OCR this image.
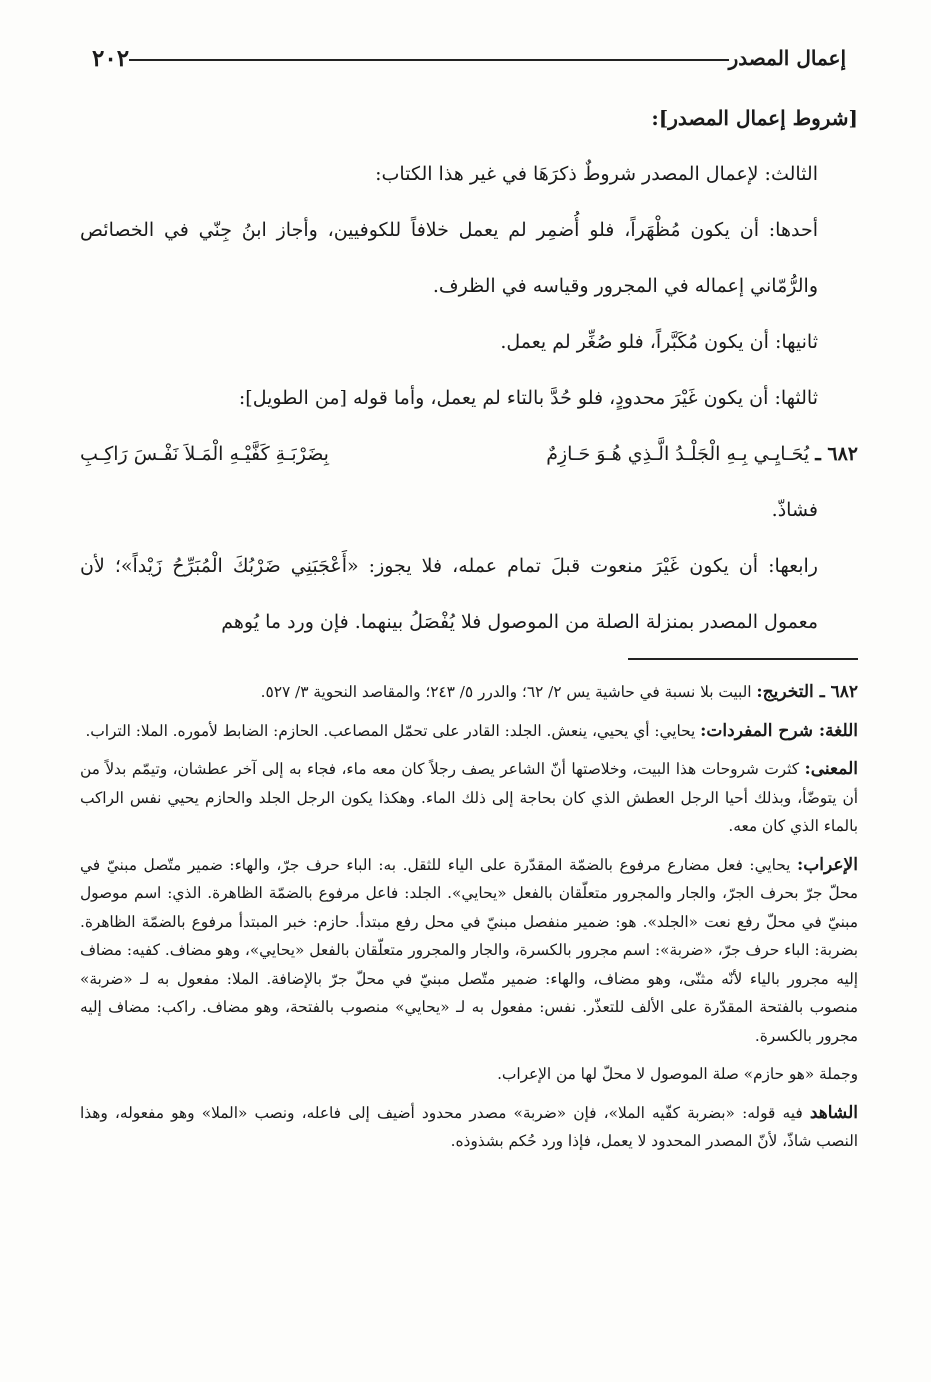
إعمال المصدر
٢٠٢

[شروط إعمال المصدر]:

الثالث: لإعمال المصدر شروطٌ ذكرَهَا في غير هذا الكتاب:

أحدها: أن يكون مُظْهَراً، فلو أُضمِر لم يعمل خلافاً للكوفيين، وأجاز ابنُ جِنّي في الخصائص والرُّمّاني إعماله في المجرور وقياسه في الظرف.

ثانيها: أن يكون مُكَبَّراً، فلو صُغِّر لم يعمل.

ثالثها: أن يكون غَيْرَ محدودٍ، فلو حُدَّ بالتاء لم يعمل، وأما قوله [من الطويل]:

٦٨٢ ـ يُحَـايِـي بِـهِ الْجَلْـدُ الَّـذِي هُـوَ حَـازِمٌ
بِضَرْبَـةِ كَفَّيْـهِ الْمَـلاَ نَفْـسَ رَاكِـبِ

فشاذّ.

رابعها: أن يكون غَيْرَ منعوت قبلَ تمام عمله، فلا يجوز: «أَعْجَبَنِي ضَرْبُكَ الْمُبَرِّحُ زَيْداً»؛ لأن معمول المصدر بمنزلة الصلة من الموصول فلا يُفْصَلُ بينهما. فإن ورد ما يُوهم

٦٨٢ ـ التخريج: البيت بلا نسبة في حاشية يس ٢/ ٦٢؛ والدرر ٥/ ٢٤٣؛ والمقاصد النحوية ٣/ ٥٢٧.

اللغة: شرح المفردات: يحايي: أي يحيي، ينعش. الجلد: القادر على تحمّل المصاعب. الحازم: الضابط لأموره. الملا: التراب.

المعنى: كثرت شروحات هذا البيت، وخلاصتها أنّ الشاعر يصف رجلاً كان معه ماء، فجاء به إلى آخر عطشان، وتيمّم بدلاً من أن يتوضّأ، وبذلك أحيا الرجل العطش الذي كان بحاجة إلى ذلك الماء. وهكذا يكون الرجل الجلد والحازم يحيي نفس الراكب بالماء الذي كان معه.

الإعراب: يحايي: فعل مضارع مرفوع بالضمّة المقدّرة على الياء للثقل. به: الباء حرف جرّ، والهاء: ضمير متّصل مبنيّ في محلّ جرّ بحرف الجرّ، والجار والمجرور متعلّقان بالفعل «يحايي». الجلد: فاعل مرفوع بالضمّة الظاهرة. الذي: اسم موصول مبنيّ في محلّ رفع نعت «الجلد». هو: ضمير منفصل مبنيّ في محل رفع مبتدأ. حازم: خبر المبتدأ مرفوع بالضمّة الظاهرة. بضربة: الباء حرف جرّ، «ضربة»: اسم مجرور بالكسرة، والجار والمجرور متعلّقان بالفعل «يحايي»، وهو مضاف. كفيه: مضاف إليه مجرور بالياء لأنّه مثنّى، وهو مضاف، والهاء: ضمير متّصل مبنيّ في محلّ جرّ بالإضافة. الملا: مفعول به لـ «ضربة» منصوب بالفتحة المقدّرة على الألف للتعذّر. نفس: مفعول به لـ «يحايي» منصوب بالفتحة، وهو مضاف. راكب: مضاف إليه مجرور بالكسرة.

وجملة «هو حازم» صلة الموصول لا محلّ لها من الإعراب.

الشاهد فيه قوله: «بضربة كفّيه الملا»، فإن «ضربة» مصدر محدود أضيف إلى فاعله، ونصب «الملا» وهو مفعوله، وهذا النصب شاذّ، لأنّ المصدر المحدود لا يعمل، فإذا ورد حُكم بشذوذه.
